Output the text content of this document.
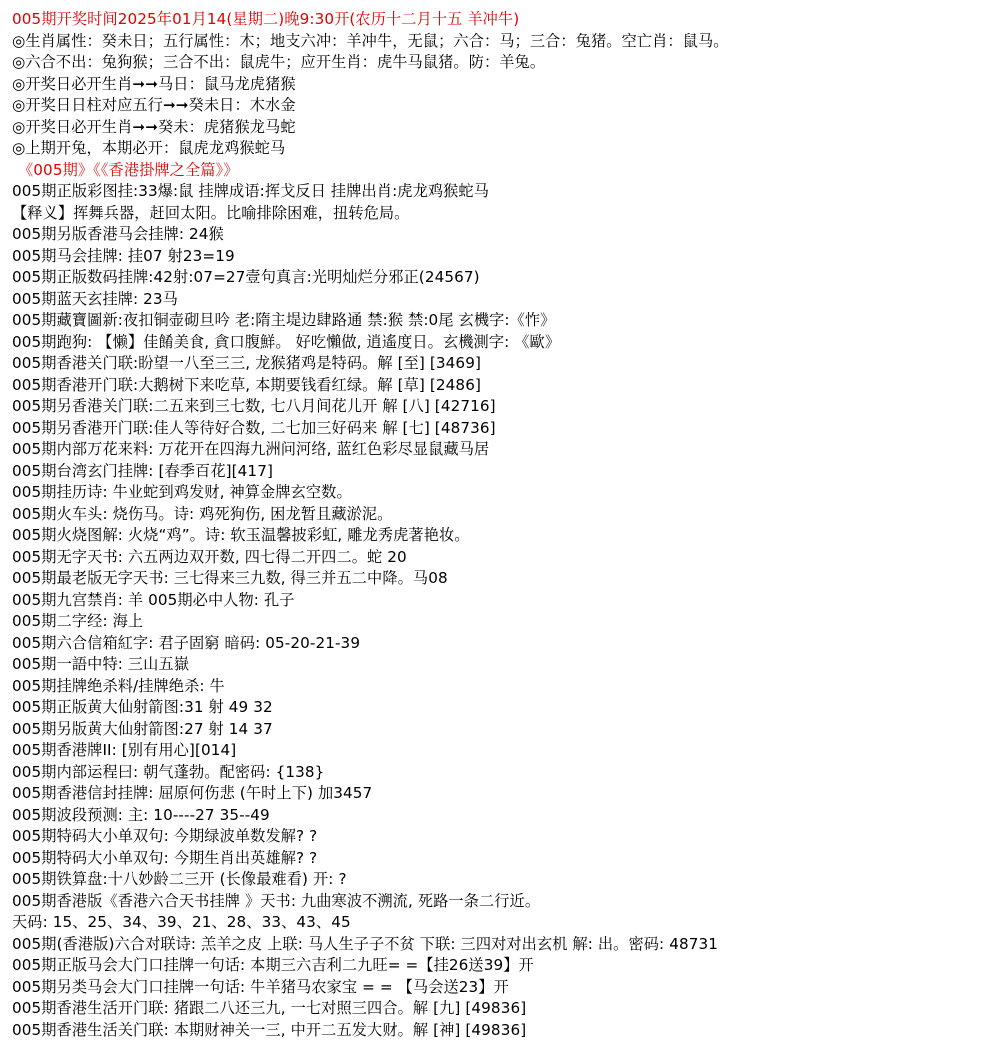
005期开奖时间2025年01月14(星期二)晚9:30开(农历十二月十五 羊冲牛)
◎生肖属性：癸未日；五行属性：木；地支六冲：羊冲牛，无鼠；六合：马；三合：兔猪。空亡肖：鼠马。
◎六合不出：兔狗猴；三合不出：鼠虎牛；应开生肖：虎牛马鼠猪。防：羊兔。
◎开奖日必开生肖➞➞马日：鼠马龙虎猪猴
◎开奖日日柱对应五行➞➞癸未日：木水金
◎开奖日必开生肖➞➞癸未：虎猪猴龙马蛇
◎上期开兔，本期必开：鼠虎龙鸡猴蛇马
《005期》《《香港掛牌之全篇》》
005期正版彩图挂:33爆:鼠 挂牌成语:挥戈反日 挂牌出肖:虎龙鸡猴蛇马
【释义】挥舞兵器，赶回太阳。比喻排除困难，扭转危局。
005期另版香港马会挂牌: 24猴
005期马会挂牌: 挂07 射23=19
005期正版数码挂牌:42射:07=27壹句真言:光明灿烂分邪正(24567)
005期蓝天玄挂牌: 23马
005期藏寶圖新:夜扣铜壶砌旦吟 老:隋主堤边肆路通 禁:猴 禁:0尾 玄機字:《怍》
005期跑狗: 【懒】佳餚美食, 貪口腹鮮。 好吃懶做, 逍遙度日。玄機測字: 《歐》
005期香港关门联:盼望一八至三三, 龙猴猪鸡是特码。解 [至] [3469]
005期香港开门联:大鹅树下来吃草, 本期要钱看红绿。解 [草] [2486]
005期另香港关门联:二五来到三七数, 七八月间花儿开 解 [八] [42716]
005期另香港开门联:佳人等待好合数, 二七加三好码来 解 [七] [48736]
005期内部万花来料: 万花开在四海九洲问河络, 蓝红色彩尽显鼠藏马居
005期台湾玄门挂牌: [春季百花][417]
005期挂历诗: 牛业蛇到鸡发财, 神算金牌玄空数。
005期火车头: 烧伤马。诗: 鸡死狗伤, 困龙暂且藏淤泥。
005期火烧图解: 火烧“鸡”。诗: 软玉温馨披彩虹, 雕龙秀虎著艳妆。
005期无字天书: 六五两边双开数, 四七得二开四二。蛇 20
005期最老版无字天书: 三七得来三九数, 得三并五二中降。马08
005期九宫禁肖: 羊 005期必中人物: 孔子
005期二字经: 海上
005期六合信箱紅字: 君子固窮 暗码: 05-20-21-39
005期一語中特: 三山五嶽
005期挂牌绝杀料/挂牌绝杀: 牛
005期正版黄大仙射箭图:31 射 49 32
005期另版黄大仙射箭图:27 射 14 37
005期香港牌II: [别有用心][014]
005期内部运程曰: 朝气蓬勃。配密码: {138}
005期香港信封挂牌: 屈原何伤悲 (午时上下) 加3457
005期波段预测: 主: 10----27 35--49
005期特码大小单双句: 今期绿波单数发解? ?
005期特码大小单双句: 今期生肖出英雄解? ?
005期铁算盘:十八妙龄二三开 (长像最难看) 开: ?
005期香港版《香港六合天书挂牌 》天书: 九曲寒波不溯流, 死路一条二行近。
天码: 15、25、34、39、21、28、33、43、45
005期(香港版)六合对联诗: 羔羊之皮 上联: 马人生子子不贫 下联: 三四对对出玄机 解: 出。密码: 48731
005期正版马会大门口挂牌一句话: 本期三六吉利二九旺= =【挂26送39】开
005期另类马会大门口挂牌一句话: 牛羊猪马农家宝 = = 【马会送23】开
005期香港生活开门联: 猪跟二八还三九, 一七对照三四合。解 [九] [49836]
005期香港生活关门联: 本期财神关一三, 中开二五发大财。解 [神] [49836]
